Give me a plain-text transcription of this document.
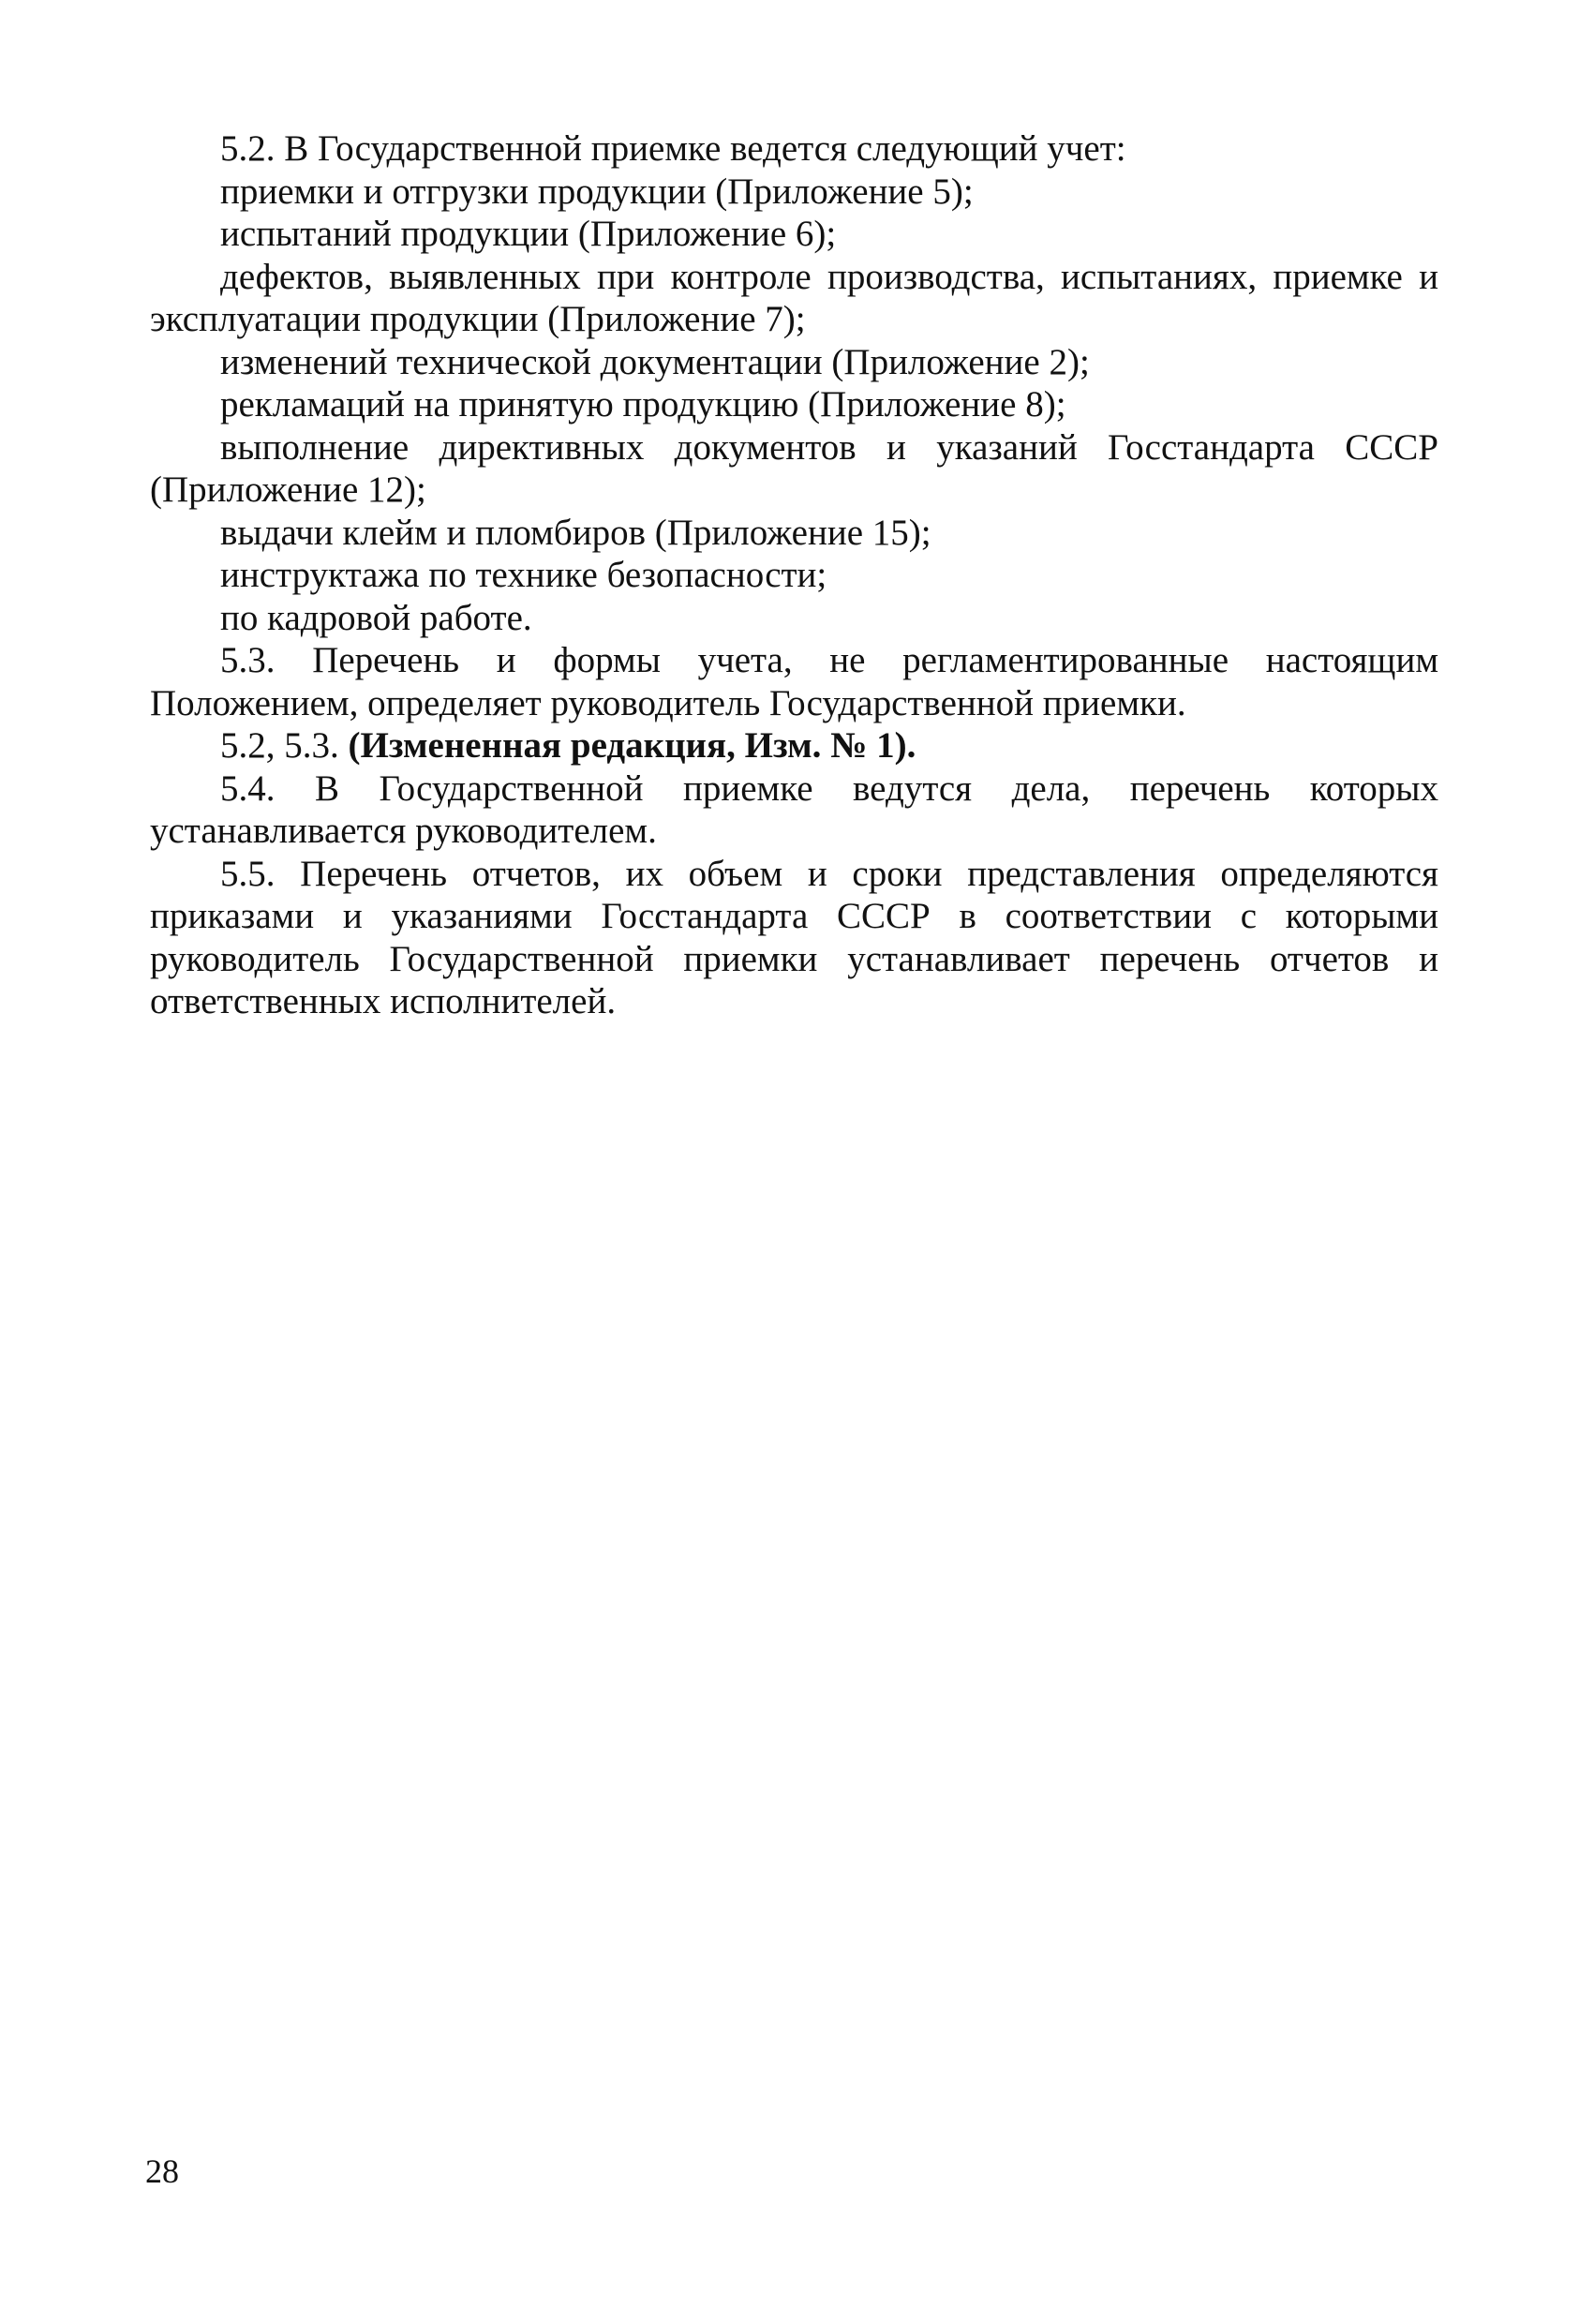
5.2. В Государственной приемке ведется следующий учет:

приемки и отгрузки продукции (Приложение 5);

испытаний продукции (Приложение 6);

дефектов, выявленных при контроле производства, испытаниях, приемке и эксплуатации продукции (Приложение 7);

изменений технической документации (Приложение 2);

рекламаций на принятую продукцию (Приложение 8);

выполнение директивных документов и указаний Госстандарта СССР (Приложение 12);

выдачи клейм и пломбиров (Приложение 15);

инструктажа по технике безопасности;

по кадровой работе.

5.3. Перечень и формы учета, не регламентированные настоящим Положением, определяет руководитель Государственной приемки.

5.2, 5.3. (Измененная редакция, Изм. № 1).

5.4. В Государственной приемке ведутся дела, перечень которых устанавливается руководителем.

5.5. Перечень отчетов, их объем и сроки представления определяются приказами и указаниями Госстандарта СССР в соответствии с которыми руководитель Государственной приемки устанавливает перечень отчетов и ответственных исполнителей.

28
